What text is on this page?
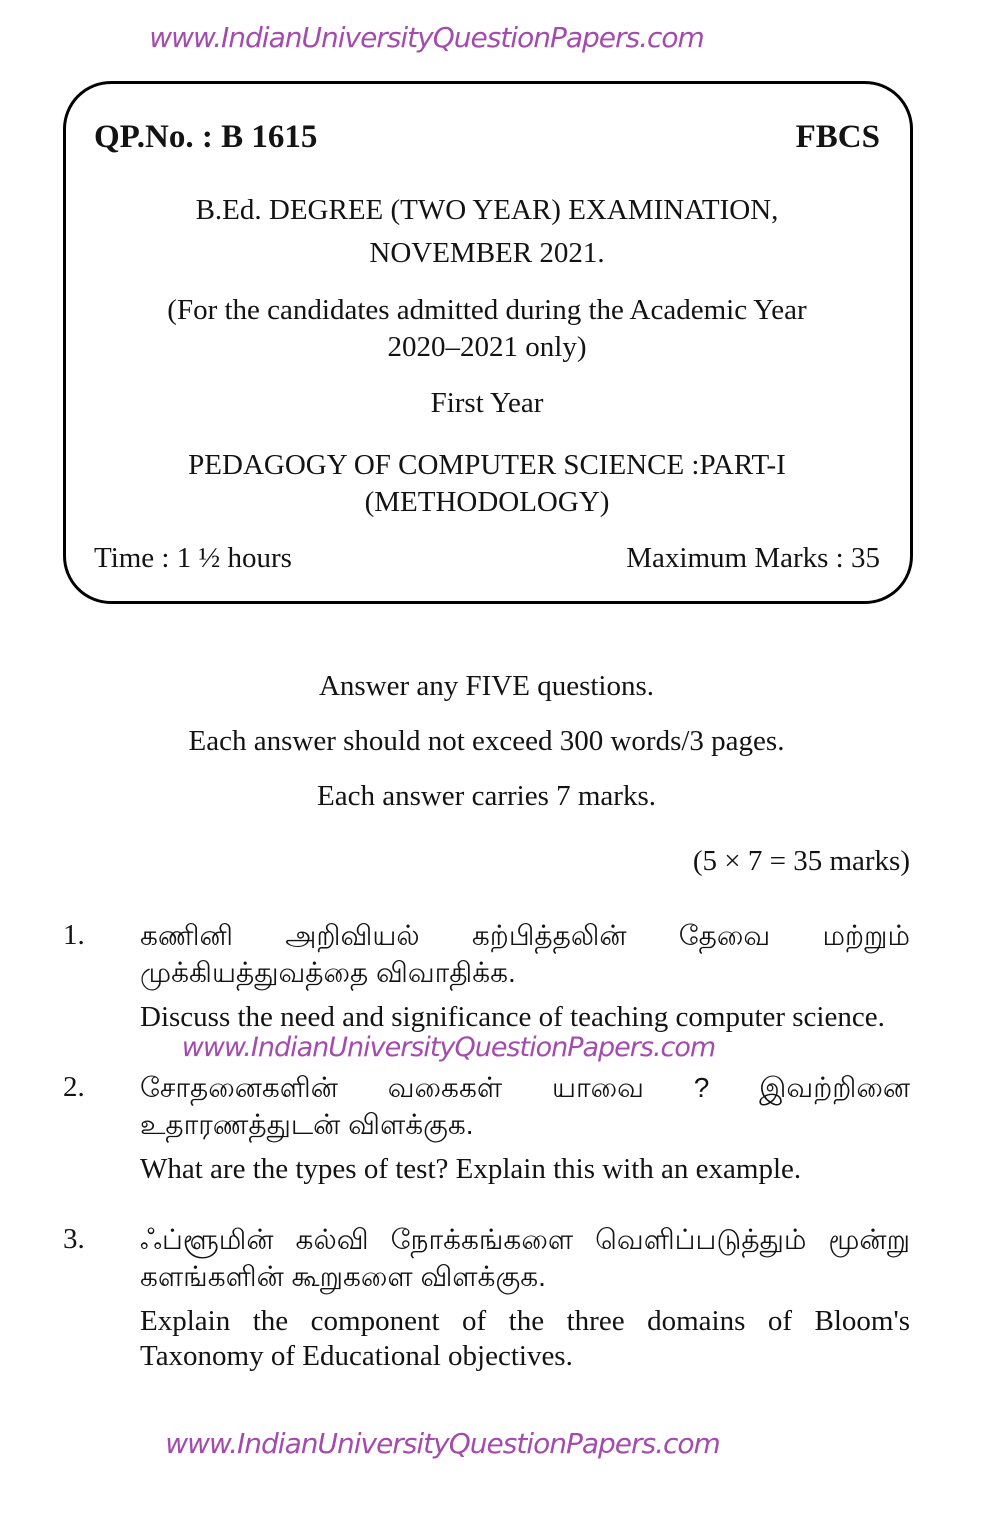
www.IndianUniversityQuestionPapers.com
QP.No. : B 1615	FBCS
B.Ed. DEGREE (TWO YEAR) EXAMINATION,
NOVEMBER 2021.
(For the candidates admitted during the Academic Year
2020–2021 only)
First Year
PEDAGOGY OF COMPUTER SCIENCE :PART-I
(METHODOLOGY)
Time : 1 ½ hours	Maximum Marks : 35
Answer any FIVE questions.
Each answer should not exceed 300 words/3 pages.
Each answer carries 7 marks.
(5 × 7 = 35 marks)
1.	கணினி அறிவியல் கற்பித்தலின் தேவை மற்றும் முக்கியத்துவத்தை விவாதிக்க.
Discuss the need and significance of teaching computer science.
www.IndianUniversityQuestionPapers.com
2.	சோதனைகளின் வகைகள் யாவை ? இவற்றினை உதாரணத்துடன் விளக்குக.
What are the types of test? Explain this with an example.
3.	ஃப்ளூமின் கல்வி நோக்கங்களை வெளிப்படுத்தும் மூன்று களங்களின் கூறுகளை விளக்குக.
Explain the component of the three domains of Bloom's Taxonomy of Educational objectives.
www.IndianUniversityQuestionPapers.com
